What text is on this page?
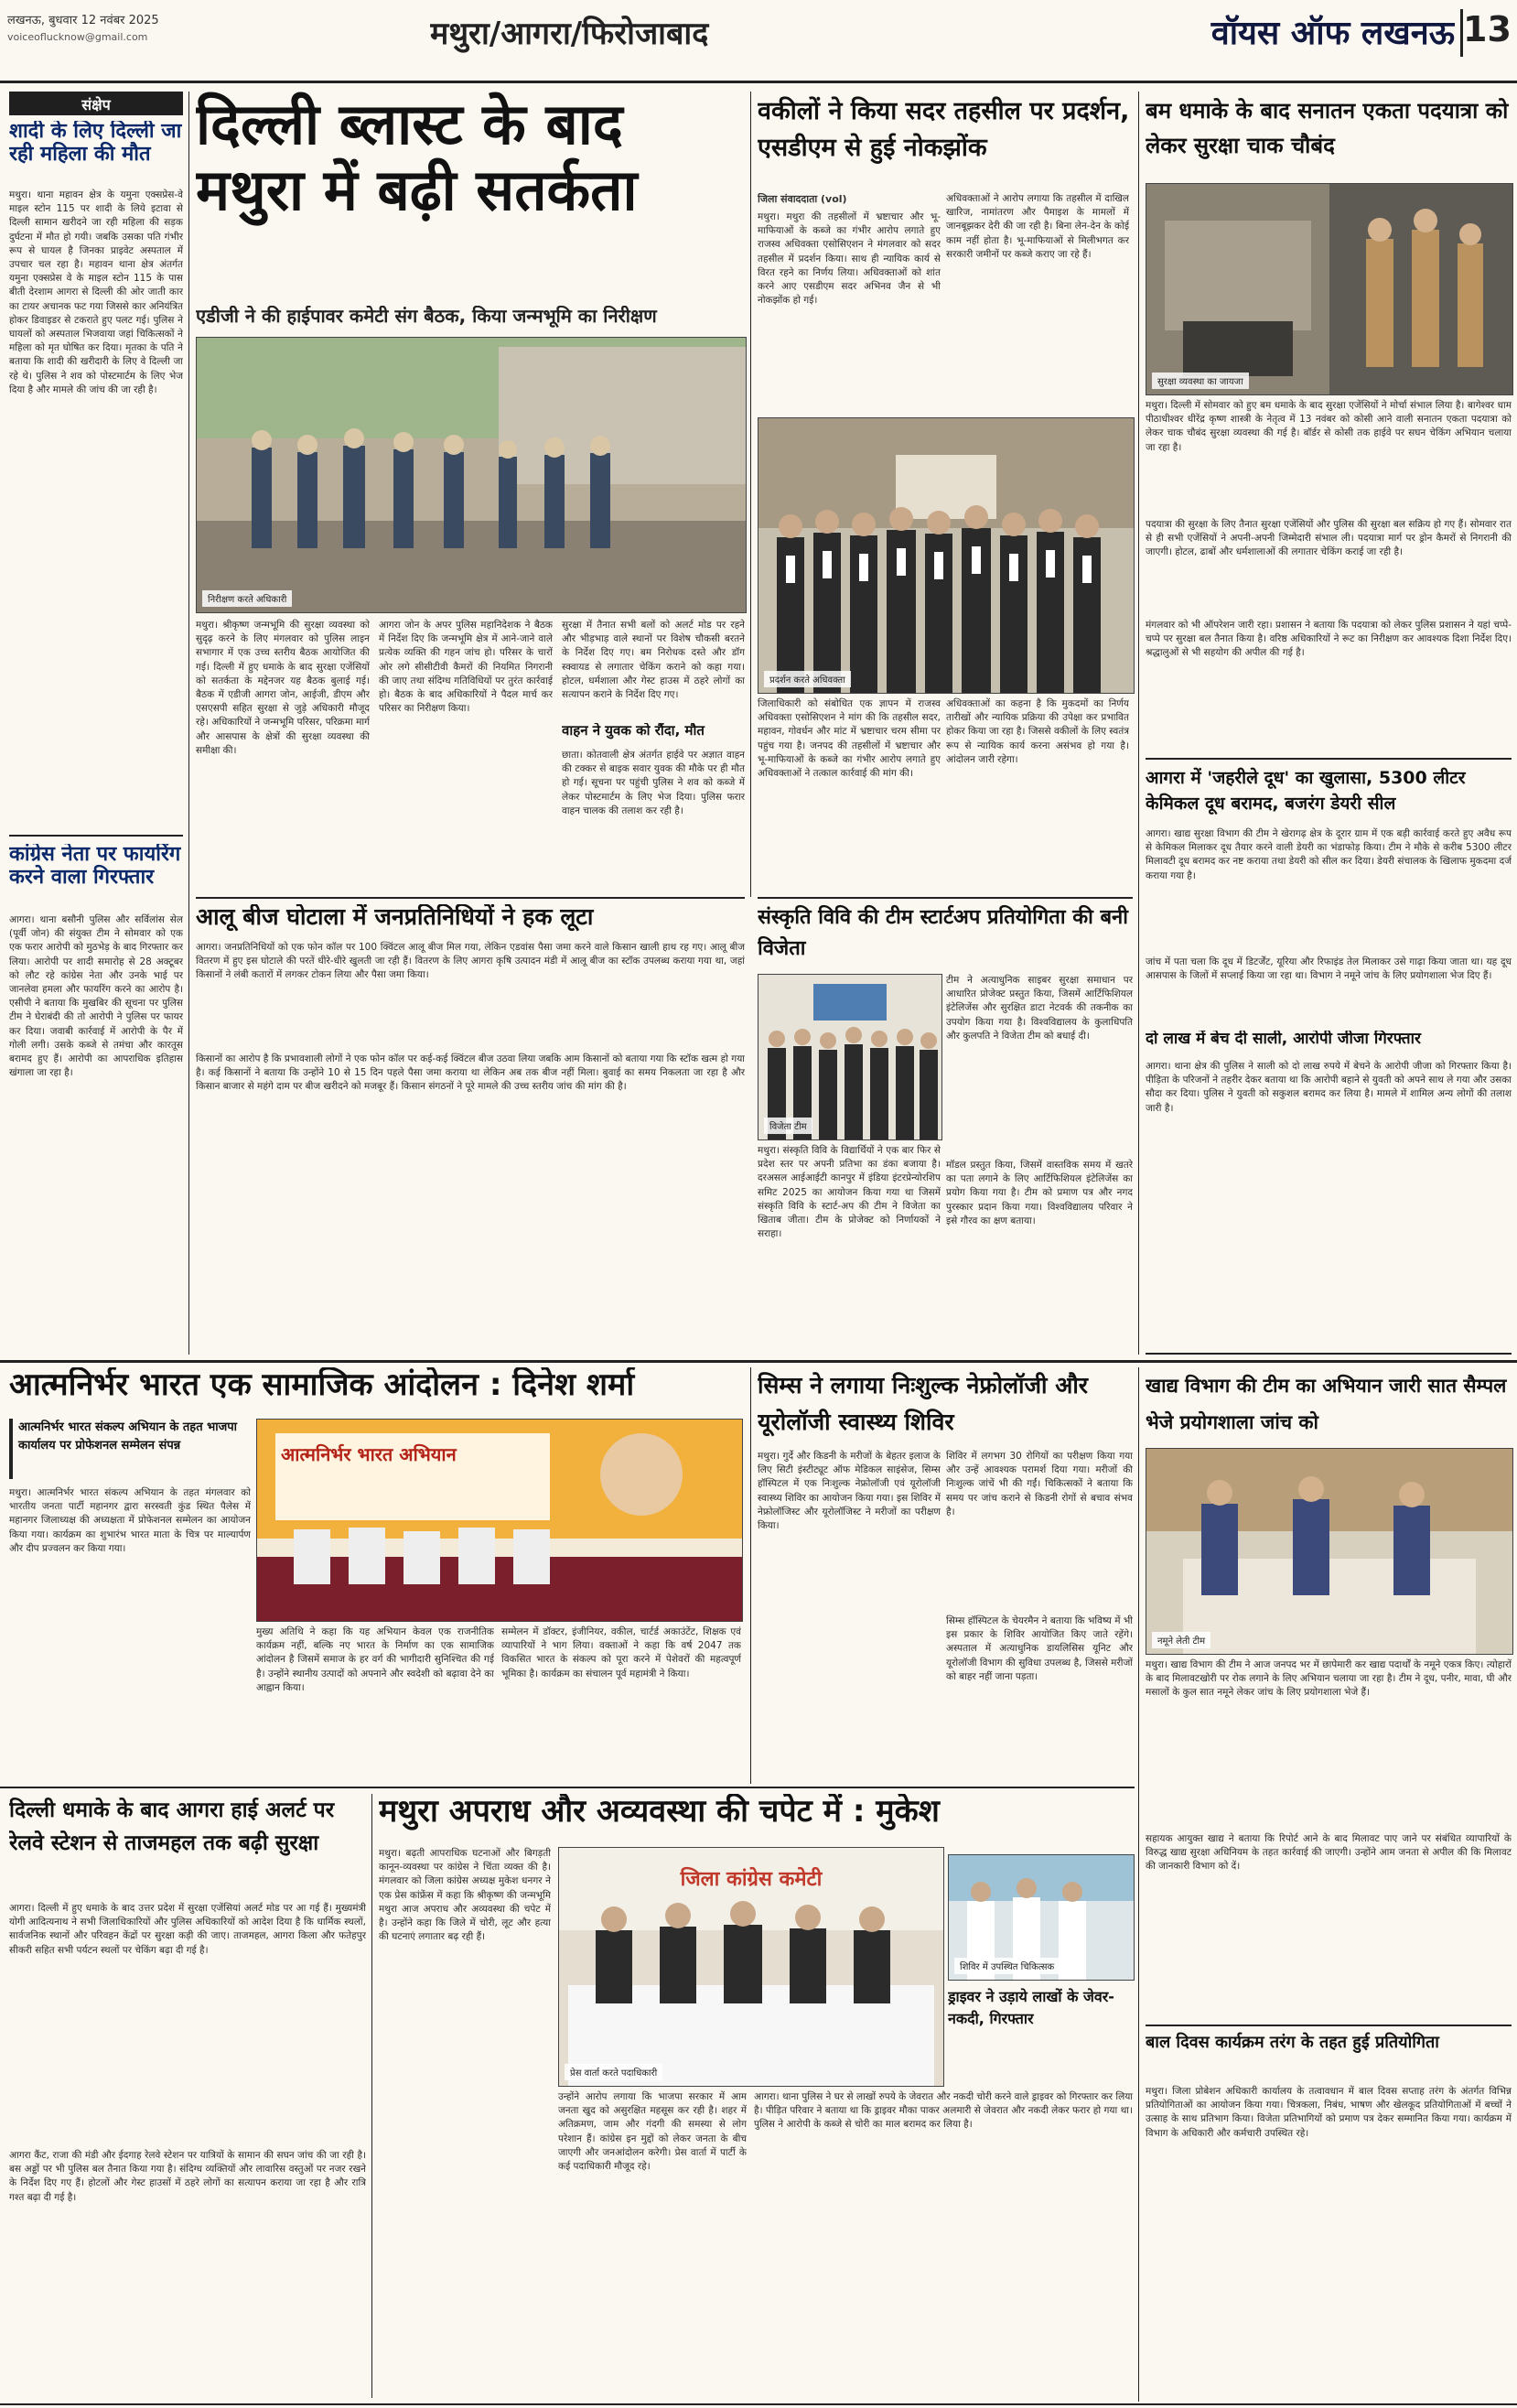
लखनऊ, बुधवार 12 नवंबर 2025
voiceoflucknow@gmail.com	मथुरा/आगरा/फिरोजाबाद	वॉयस ऑफ लखनऊ 13
संक्षेप
शादी के लिए दिल्ली जा रही महिला की मौत
मथुरा। थाना महावन क्षेत्र के यमुना एक्सप्रेस-वे माइल स्टोन 115 पर शादी के लिये इटावा से दिल्ली सामान खरीदने जा रही महिला की सड़क दुर्घटना में मौत हो गयी। जबकि उसका पति गंभीर रूप से घायल है जिनका प्राइवेट अस्पताल में उपचार चल रहा है। महावन थाना क्षेत्र अंतर्गत यमुना एक्सप्रेस वे के माइल स्टोन 115 के पास बीती देरशाम आगरा से दिल्ली की ओर जाती कार का टायर अचानक फट गया जिससे कार अनियंत्रित होकर डिवाइडर से टकराते हुए पलट गई। पुलिस ने घायलों को अस्पताल भिजवाया जहां चिकित्सकों ने महिला को मृत घोषित कर दिया। मृतका के पति ने बताया कि शादी की खरीदारी के लिए वे दिल्ली जा रहे थे। पुलिस ने शव को पोस्टमार्टम के लिए भेज दिया है और मामले की जांच की जा रही है।
कांग्रेस नेता पर फायरिंग करने वाला गिरफ्तार
आगरा। थाना बसौनी पुलिस और सर्विलांस सेल (पूर्वी जोन) की संयुक्त टीम ने सोमवार को एक एक फरार आरोपी को मुठभेड़ के बाद गिरफ्तार कर लिया। आरोपी पर शादी समारोह से 28 अक्टूबर को लौट रहे कांग्रेस नेता और उनके भाई पर जानलेवा हमला और फायरिंग करने का आरोप है। एसीपी ने बताया कि मुखबिर की सूचना पर पुलिस टीम ने घेराबंदी की तो आरोपी ने पुलिस पर फायर कर दिया। जवाबी कार्रवाई में आरोपी के पैर में गोली लगी। उसके कब्जे से तमंचा और कारतूस बरामद हुए हैं। आरोपी का आपराधिक इतिहास खंगाला जा रहा है।
दिल्ली ब्लास्ट के बाद मथुरा में बढ़ी सतर्कता
एडीजी ने की हाईपावर कमेटी संग बैठक, किया जन्मभूमि का निरीक्षण
निरीक्षण करते अधिकारी
मथुरा। श्रीकृष्ण जन्मभूमि की सुरक्षा व्यवस्था को सुदृढ़ करने के लिए मंगलवार को पुलिस लाइन सभागार में एक उच्च स्तरीय बैठक आयोजित की गई। दिल्ली में हुए धमाके के बाद सुरक्षा एजेंसियों को सतर्कता के मद्देनजर यह बैठक बुलाई गई। बैठक में एडीजी आगरा जोन, आईजी, डीएम और एसएसपी सहित सुरक्षा से जुड़े अधिकारी मौजूद रहे। अधिकारियों ने जन्मभूमि परिसर, परिक्रमा मार्ग और आसपास के क्षेत्रों की सुरक्षा व्यवस्था की समीक्षा की।
आगरा जोन के अपर पुलिस महानिदेशक ने बैठक में निर्देश दिए कि जन्मभूमि क्षेत्र में आने-जाने वाले प्रत्येक व्यक्ति की गहन जांच हो। परिसर के चारों ओर लगे सीसीटीवी कैमरों की नियमित निगरानी की जाए तथा संदिग्ध गतिविधियों पर तुरंत कार्रवाई हो। बैठक के बाद अधिकारियों ने पैदल मार्च कर परिसर का निरीक्षण किया।
सुरक्षा में तैनात सभी बलों को अलर्ट मोड पर रहने और भीड़भाड़ वाले स्थानों पर विशेष चौकसी बरतने के निर्देश दिए गए। बम निरोधक दस्ते और डॉग स्क्वायड से लगातार चेकिंग कराने को कहा गया। होटल, धर्मशाला और गेस्ट हाउस में ठहरे लोगों का सत्यापन कराने के निर्देश दिए गए।
वाहन ने युवक को रौंदा, मौत
छाता। कोतवाली क्षेत्र अंतर्गत हाईवे पर अज्ञात वाहन की टक्कर से बाइक सवार युवक की मौके पर ही मौत हो गई। सूचना पर पहुंची पुलिस ने शव को कब्जे में लेकर पोस्टमार्टम के लिए भेज दिया। पुलिस फरार वाहन चालक की तलाश कर रही है।
वकीलों ने किया सदर तहसील पर प्रदर्शन, एसडीएम से हुई नोकझोंक
जिला संवाददाता (vol)
मथुरा। मथुरा की तहसीलों में भ्रष्टाचार और भू-माफियाओं के कब्जे का गंभीर आरोप लगाते हुए राजस्व अधिवक्ता एसोसिएशन ने मंगलवार को सदर तहसील में प्रदर्शन किया। साथ ही न्यायिक कार्य से विरत रहने का निर्णय लिया। अधिवक्ताओं को शांत करने आए एसडीएम सदर अभिनव जैन से भी नोकझोंक हो गई।
अधिवक्ताओं ने आरोप लगाया कि तहसील में दाखिल खारिज, नामांतरण और पैमाइश के मामलों में जानबूझकर देरी की जा रही है। बिना लेन-देन के कोई काम नहीं होता है। भू-माफियाओं से मिलीभगत कर सरकारी जमीनों पर कब्जे कराए जा रहे हैं।
प्रदर्शन करते अधिवक्ता
जिलाधिकारी को संबोधित एक ज्ञापन में राजस्व अधिवक्ता एसोसिएशन ने मांग की कि तहसील सदर, महावन, गोवर्धन और मांट में भ्रष्टाचार चरम सीमा पर पहुंच गया है। जनपद की तहसीलों में भ्रष्टाचार और भू-माफियाओं के कब्जे का गंभीर आरोप लगाते हुए अधिवक्ताओं ने तत्काल कार्रवाई की मांग की।
अधिवक्ताओं का कहना है कि मुकदमों का निर्णय तारीखों और न्यायिक प्रक्रिया की उपेक्षा कर प्रभावित होकर किया जा रहा है। जिससे वकीलों के लिए स्वतंत्र रूप से न्यायिक कार्य करना असंभव हो गया है। आंदोलन जारी रहेगा।
बम धमाके के बाद सनातन एकता पदयात्रा को लेकर सुरक्षा चाक चौबंद
सुरक्षा व्यवस्था का जायजा
मथुरा। दिल्ली में सोमवार को हुए बम धमाके के बाद सुरक्षा एजेंसियों ने मोर्चा संभाल लिया है। बागेश्वर धाम पीठाधीश्वर धीरेंद्र कृष्ण शास्त्री के नेतृत्व में 13 नवंबर को कोसी आने वाली सनातन एकता पदयात्रा को लेकर चाक चौबंद सुरक्षा व्यवस्था की गई है। बॉर्डर से कोसी तक हाईवे पर सघन चेकिंग अभियान चलाया जा रहा है।
पदयात्रा की सुरक्षा के लिए तैनात सुरक्षा एजेंसियों और पुलिस की सुरक्षा बल सक्रिय हो गए हैं। सोमवार रात से ही सभी एजेंसियों ने अपनी-अपनी जिम्मेदारी संभाल ली। पदयात्रा मार्ग पर ड्रोन कैमरों से निगरानी की जाएगी। होटल, ढाबों और धर्मशालाओं की लगातार चेकिंग कराई जा रही है।
मंगलवार को भी ऑपरेशन जारी रहा। प्रशासन ने बताया कि पदयात्रा को लेकर पुलिस प्रशासन ने यहां चप्पे-चप्पे पर सुरक्षा बल तैनात किया है। वरिष्ठ अधिकारियों ने रूट का निरीक्षण कर आवश्यक दिशा निर्देश दिए। श्रद्धालुओं से भी सहयोग की अपील की गई है।
आगरा में 'जहरीले दूध' का खुलासा, 5300 लीटर केमिकल दूध बरामद, बजरंग डेयरी सील
आगरा। खाद्य सुरक्षा विभाग की टीम ने खेरागढ़ क्षेत्र के दूरार ग्राम में एक बड़ी कार्रवाई करते हुए अवैध रूप से केमिकल मिलाकर दूध तैयार करने वाली डेयरी का भंडाफोड़ किया। टीम ने मौके से करीब 5300 लीटर मिलावटी दूध बरामद कर नष्ट कराया तथा डेयरी को सील कर दिया। डेयरी संचालक के खिलाफ मुकदमा दर्ज कराया गया है।
जांच में पता चला कि दूध में डिटर्जेंट, यूरिया और रिफाइंड तेल मिलाकर उसे गाढ़ा किया जाता था। यह दूध आसपास के जिलों में सप्लाई किया जा रहा था। विभाग ने नमूने जांच के लिए प्रयोगशाला भेज दिए हैं।
दो लाख में बेच दी साली, आरोपी जीजा गिरफ्तार
आगरा। थाना क्षेत्र की पुलिस ने साली को दो लाख रुपये में बेचने के आरोपी जीजा को गिरफ्तार किया है। पीड़िता के परिजनों ने तहरीर देकर बताया था कि आरोपी बहाने से युवती को अपने साथ ले गया और उसका सौदा कर दिया। पुलिस ने युवती को सकुशल बरामद कर लिया है। मामले में शामिल अन्य लोगों की तलाश जारी है।
आलू बीज घोटाला में जनप्रतिनिधियों ने हक लूटा
आगरा। जनप्रतिनिधियों को एक फोन कॉल पर 100 क्विंटल आलू बीज मिल गया, लेकिन एडवांस पैसा जमा करने वाले किसान खाली हाथ रह गए। आलू बीज वितरण में हुए इस घोटाले की परतें धीरे-धीरे खुलती जा रही हैं। वितरण के लिए आगरा कृषि उत्पादन मंडी में आलू बीज का स्टॉक उपलब्ध कराया गया था, जहां किसानों ने लंबी कतारों में लगकर टोकन लिया और पैसा जमा किया।
किसानों का आरोप है कि प्रभावशाली लोगों ने एक फोन कॉल पर कई-कई क्विंटल बीज उठवा लिया जबकि आम किसानों को बताया गया कि स्टॉक खत्म हो गया है। कई किसानों ने बताया कि उन्होंने 10 से 15 दिन पहले पैसा जमा कराया था लेकिन अब तक बीज नहीं मिला। बुवाई का समय निकलता जा रहा है और किसान बाजार से महंगे दाम पर बीज खरीदने को मजबूर हैं। किसान संगठनों ने पूरे मामले की उच्च स्तरीय जांच की मांग की है।
संस्कृति विवि की टीम स्टार्टअप प्रतियोगिता की बनी विजेता
विजेता टीम
मथुरा। संस्कृति विवि के विद्यार्थियों ने एक बार फिर से प्रदेश स्तर पर अपनी प्रतिभा का डंका बजाया है। दरअसल आईआईटी कानपुर में इंडिया इंटरप्रेन्योरशिप समिट 2025 का आयोजन किया गया था जिसमें संस्कृति विवि के स्टार्ट-अप की टीम ने विजेता का खिताब जीता। टीम के प्रोजेक्ट को निर्णायकों ने सराहा।
टीम ने अत्याधुनिक साइबर सुरक्षा समाधान पर आधारित प्रोजेक्ट प्रस्तुत किया, जिसमें आर्टिफिशियल इंटेलिजेंस और सुरक्षित डाटा नेटवर्क की तकनीक का उपयोग किया गया है। विश्वविद्यालय के कुलाधिपति और कुलपति ने विजेता टीम को बधाई दी।
मॉडल प्रस्तुत किया, जिसमें वास्तविक समय में खतरे का पता लगाने के लिए आर्टिफिशियल इंटेलिजेंस का प्रयोग किया गया है। टीम को प्रमाण पत्र और नगद पुरस्कार प्रदान किया गया। विश्वविद्यालय परिवार ने इसे गौरव का क्षण बताया।
आत्मनिर्भर भारत एक सामाजिक आंदोलन : दिनेश शर्मा
आत्मनिर्भर भारत संकल्प अभियान के तहत भाजपा कार्यालय पर प्रोफेशनल सम्मेलन संपन्न	आत्मनिर्भर भारत अभियान
मथुरा। आत्मनिर्भर भारत संकल्प अभियान के तहत मंगलवार को भारतीय जनता पार्टी महानगर द्वारा सरस्वती कुंड स्थित पैलेस में महानगर जिलाध्यक्ष की अध्यक्षता में प्रोफेशनल सम्मेलन का आयोजन किया गया। कार्यक्रम का शुभारंभ भारत माता के चित्र पर माल्यार्पण और दीप प्रज्वलन कर किया गया।
मुख्य अतिथि ने कहा कि यह अभियान केवल एक राजनीतिक कार्यक्रम नहीं, बल्कि नए भारत के निर्माण का एक सामाजिक आंदोलन है जिसमें समाज के हर वर्ग की भागीदारी सुनिश्चित की गई है। उन्होंने स्थानीय उत्पादों को अपनाने और स्वदेशी को बढ़ावा देने का आह्वान किया।
सम्मेलन में डॉक्टर, इंजीनियर, वकील, चार्टर्ड अकाउंटेंट, शिक्षक एवं व्यापारियों ने भाग लिया। वक्ताओं ने कहा कि वर्ष 2047 तक विकसित भारत के संकल्प को पूरा करने में पेशेवरों की महत्वपूर्ण भूमिका है। कार्यक्रम का संचालन पूर्व महामंत्री ने किया।
सिम्स ने लगाया निःशुल्क नेफ्रोलॉजी और यूरोलॉजी स्वास्थ्य शिविर
मथुरा। गुर्दे और किडनी के मरीजों के बेहतर इलाज के लिए सिटी इंस्टीट्यूट ऑफ मेडिकल साइंसेज, सिम्स हॉस्पिटल में एक निःशुल्क नेफ्रोलॉजी एवं यूरोलॉजी स्वास्थ्य शिविर का आयोजन किया गया। इस शिविर में नेफ्रोलॉजिस्ट और यूरोलॉजिस्ट ने मरीजों का परीक्षण किया।
शिविर में लगभग 30 रोगियों का परीक्षण किया गया और उन्हें आवश्यक परामर्श दिया गया। मरीजों की निःशुल्क जांचें भी की गईं। चिकित्सकों ने बताया कि समय पर जांच कराने से किडनी रोगों से बचाव संभव है।
सिम्स हॉस्पिटल के चेयरमैन ने बताया कि भविष्य में भी इस प्रकार के शिविर आयोजित किए जाते रहेंगे। अस्पताल में अत्याधुनिक डायलिसिस यूनिट और यूरोलॉजी विभाग की सुविधा उपलब्ध है, जिससे मरीजों को बाहर नहीं जाना पड़ता।
खाद्य विभाग की टीम का अभियान जारी सात सैम्पल भेजे प्रयोगशाला जांच को
नमूने लेती टीम
मथुरा। खाद्य विभाग की टीम ने आज जनपद भर में छापेमारी कर खाद्य पदार्थों के नमूने एकत्र किए। त्योहारों के बाद मिलावटखोरी पर रोक लगाने के लिए अभियान चलाया जा रहा है। टीम ने दूध, पनीर, मावा, घी और मसालों के कुल सात नमूने लेकर जांच के लिए प्रयोगशाला भेजे हैं।
सहायक आयुक्त खाद्य ने बताया कि रिपोर्ट आने के बाद मिलावट पाए जाने पर संबंधित व्यापारियों के विरुद्ध खाद्य सुरक्षा अधिनियम के तहत कार्रवाई की जाएगी। उन्होंने आम जनता से अपील की कि मिलावट की जानकारी विभाग को दें।
बाल दिवस कार्यक्रम तरंग के तहत हुई प्रतियोगिता
मथुरा। जिला प्रोबेशन अधिकारी कार्यालय के तत्वावधान में बाल दिवस सप्ताह तरंग के अंतर्गत विभिन्न प्रतियोगिताओं का आयोजन किया गया। चित्रकला, निबंध, भाषण और खेलकूद प्रतियोगिताओं में बच्चों ने उत्साह के साथ प्रतिभाग किया। विजेता प्रतिभागियों को प्रमाण पत्र देकर सम्मानित किया गया। कार्यक्रम में विभाग के अधिकारी और कर्मचारी उपस्थित रहे।
दिल्ली धमाके के बाद आगरा हाई अलर्ट पर रेलवे स्टेशन से ताजमहल तक बढ़ी सुरक्षा
आगरा। दिल्ली में हुए धमाके के बाद उत्तर प्रदेश में सुरक्षा एजेंसियां अलर्ट मोड पर आ गई हैं। मुख्यमंत्री योगी आदित्यनाथ ने सभी जिलाधिकारियों और पुलिस अधिकारियों को आदेश दिया है कि धार्मिक स्थलों, सार्वजनिक स्थानों और परिवहन केंद्रों पर सुरक्षा कड़ी की जाए। ताजमहल, आगरा किला और फतेहपुर सीकरी सहित सभी पर्यटन स्थलों पर चेकिंग बढ़ा दी गई है।
आगरा कैंट, राजा की मंडी और ईदगाह रेलवे स्टेशन पर यात्रियों के सामान की सघन जांच की जा रही है। बस अड्डों पर भी पुलिस बल तैनात किया गया है। संदिग्ध व्यक्तियों और लावारिस वस्तुओं पर नजर रखने के निर्देश दिए गए हैं। होटलों और गेस्ट हाउसों में ठहरे लोगों का सत्यापन कराया जा रहा है और रात्रि गश्त बढ़ा दी गई है।
मथुरा अपराध और अव्यवस्था की चपेट में : मुकेश
मथुरा। बढ़ती आपराधिक घटनाओं और बिगड़ती कानून-व्यवस्था पर कांग्रेस ने चिंता व्यक्त की है। मंगलवार को जिला कांग्रेस अध्यक्ष मुकेश धनगर ने एक प्रेस कांफ्रेंस में कहा कि श्रीकृष्ण की जन्मभूमि मथुरा आज अपराध और अव्यवस्था की चपेट में है। उन्होंने कहा कि जिले में चोरी, लूट और हत्या की घटनाएं लगातार बढ़ रही हैं।
जिला कांग्रेस कमेटी
प्रेस वार्ता करते पदाधिकारी
उन्होंने आरोप लगाया कि भाजपा सरकार में आम जनता खुद को असुरक्षित महसूस कर रही है। शहर में अतिक्रमण, जाम और गंदगी की समस्या से लोग परेशान हैं। कांग्रेस इन मुद्दों को लेकर जनता के बीच जाएगी और जनआंदोलन करेगी। प्रेस वार्ता में पार्टी के कई पदाधिकारी मौजूद रहे।
ड्राइवर ने उड़ाये लाखों के जेवर-नकदी, गिरफ्तार
आगरा। थाना पुलिस ने घर से लाखों रुपये के जेवरात और नकदी चोरी करने वाले ड्राइवर को गिरफ्तार कर लिया है। पीड़ित परिवार ने बताया था कि ड्राइवर मौका पाकर अलमारी से जेवरात और नकदी लेकर फरार हो गया था। पुलिस ने आरोपी के कब्जे से चोरी का माल बरामद कर लिया है।
शिविर में उपस्थित चिकित्सक
